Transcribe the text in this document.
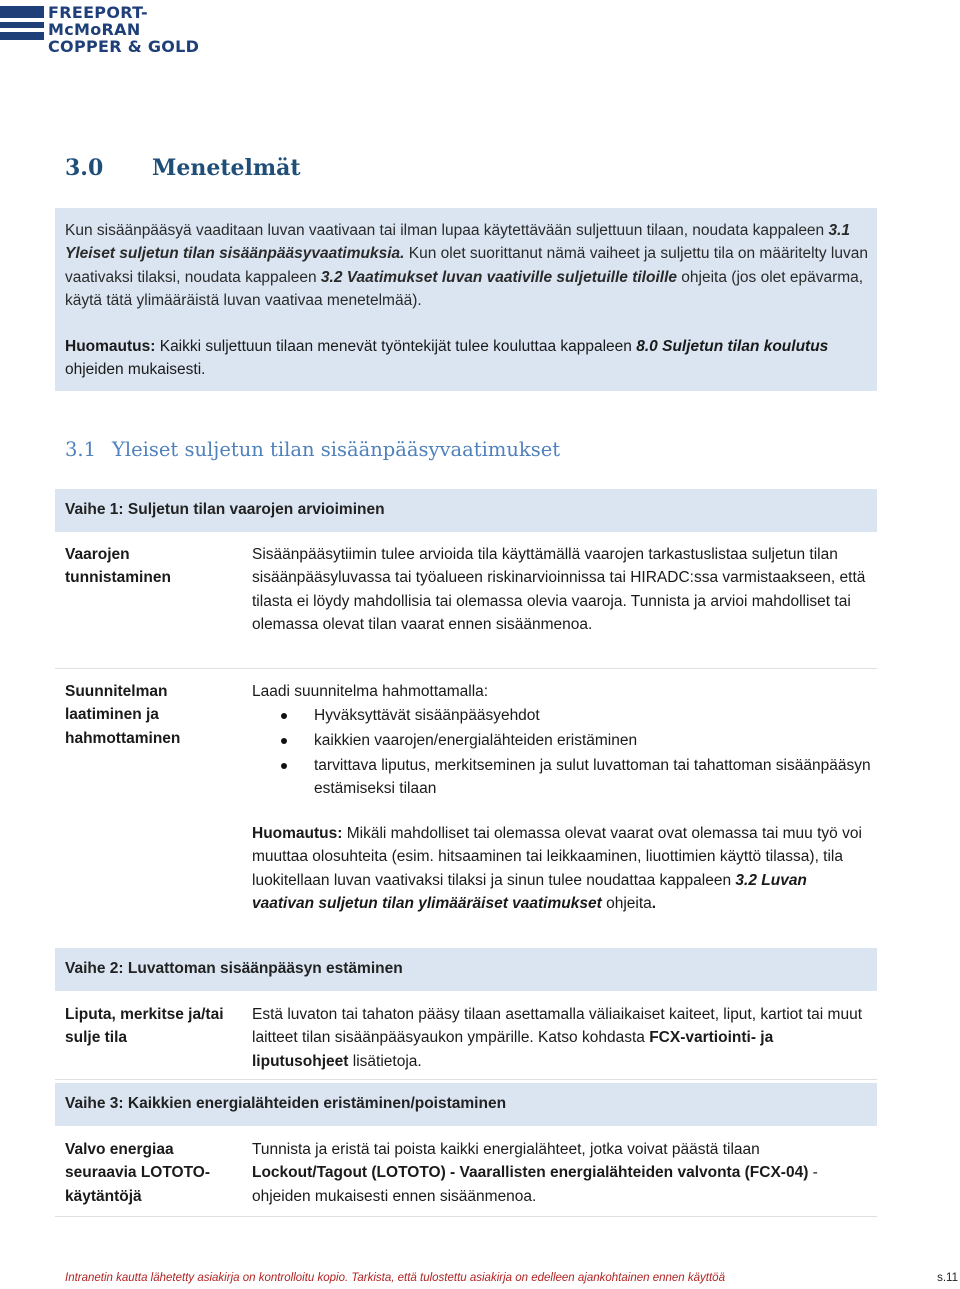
FREEPORT-McMoRAN
COPPER & GOLD
3.0 Menetelmät

Kun sisäänpääsyä vaaditaan luvan vaativaan tai ilman lupaa käytettävään suljettuun tilaan, noudata kappaleen 3.1 Yleiset suljetun tilan sisäänpääsyvaatimuksia. Kun olet suorittanut nämä vaiheet ja suljettu tila on määritelty luvan vaativaksi tilaksi, noudata kappaleen 3.2 Vaatimukset luvan vaativille suljetuille tiloille ohjeita (jos olet epävarma, käytä tätä ylimääräistä luvan vaativaa menetelmää).

Huomautus: Kaikki suljettuun tilaan menevät työntekijät tulee kouluttaa kappaleen 8.0 Suljetun tilan koulutus ohjeiden mukaisesti.

3.1 Yleiset suljetun tilan sisäänpääsyvaatimukset
Vaihe 1: Suljetun tilan vaarojen arvioiminen
Vaarojen tunnistaminen
Sisäänpääsytiimin tulee arvioida tila käyttämällä vaarojen tarkastuslistaa suljetun tilan sisäänpääsyluvassa tai työalueen riskinarvioinnissa tai HIRADC:ssa varmistaakseen, että tilasta ei löydy mahdollisia tai olemassa olevia vaaroja. Tunnista ja arvioi mahdolliset tai olemassa olevat tilan vaarat ennen sisäänmenoa.
Suunnitelman laatiminen ja hahmottaminen
Laadi suunnitelma hahmottamalla:
Hyväksyttävät sisäänpääsyehdot
kaikkien vaarojen/energialähteiden eristäminen
tarvittava liputus, merkitseminen ja sulut luvattoman tai tahattoman sisäänpääsyn estämiseksi tilaan
Huomautus: Mikäli mahdolliset tai olemassa olevat vaarat ovat olemassa tai muu työ voi muuttaa olosuhteita (esim. hitsaaminen tai leikkaaminen, liuottimien käyttö tilassa), tila luokitellaan luvan vaativaksi tilaksi ja sinun tulee noudattaa kappaleen 3.2 Luvan vaativan suljetun tilan ylimääräiset vaatimukset ohjeita.
Vaihe 2: Luvattoman sisäänpääsyn estäminen
Liputa, merkitse ja/tai sulje tila
Estä luvaton tai tahaton pääsy tilaan asettamalla väliaikaiset kaiteet, liput, kartiot tai muut laitteet tilan sisäänpääsyaukon ympärille. Katso kohdasta FCX-vartiointi- ja liputusohjeet lisätietoja.
Vaihe 3: Kaikkien energialähteiden eristäminen/poistaminen
Valvo energiaa seuraavia LOTOTO-käytäntöjä
Tunnista ja eristä tai poista kaikki energialähteet, jotka voivat päästä tilaan Lockout/Tagout (LOTOTO) - Vaarallisten energialähteiden valvonta (FCX-04) -ohjeiden mukaisesti ennen sisäänmenoa.
Intranetin kautta lähetetty asiakirja on kontrolloitu kopio. Tarkista, että tulostettu asiakirja on edelleen ajankohtainen ennen käyttöä	s.11
